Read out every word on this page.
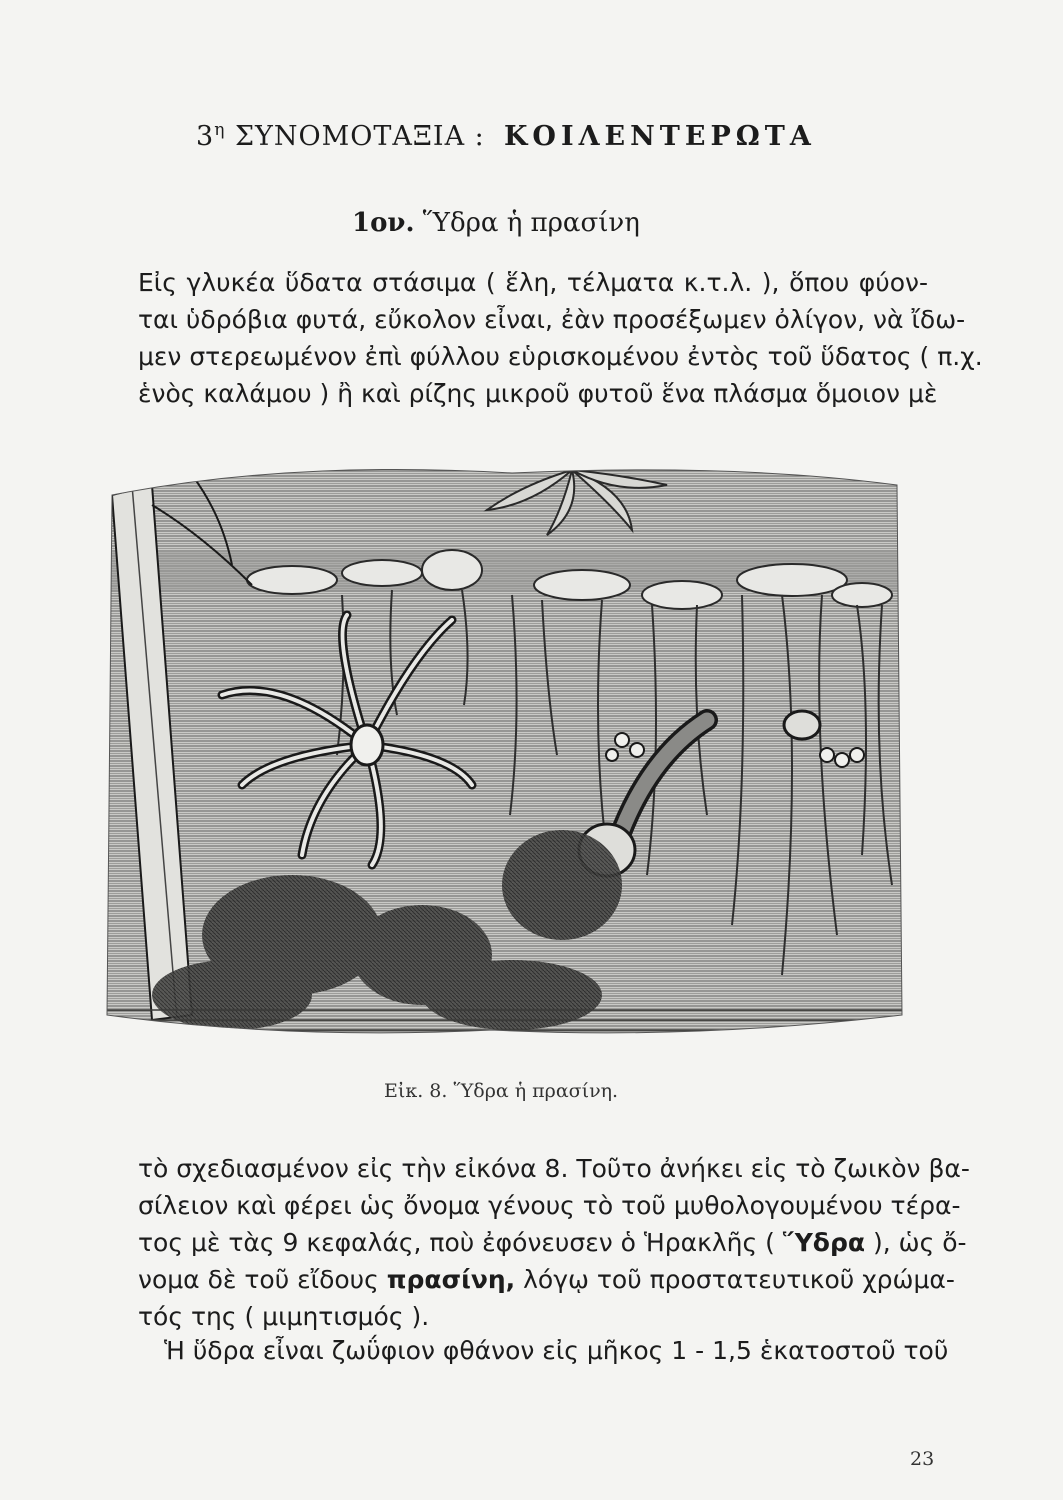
$3^\eta$ ΣΥΝΟΜΟΤΑΞΙΑ : ΚΟΙΛΕΝΤΕΡΩΤΑ
1ον. Ὕδρα ἡ πρασίνη

Εἰς γλυκέα ὕδατα στάσιμα ( ἕλη, τέλματα κ.τ.λ. ), ὅπου φύον-
ται ὑδρόβια φυτά, εὔκολον εἶναι, ἐὰν προσέξωμεν ὀλίγον, νὰ ἴδω-
μεν στερεωμένον ἐπὶ φύλλου εὑρισκομένου ἐντὸς τοῦ ὕδατος ( π.χ.
ἑνὸς καλάμου ) ἢ καὶ ρίζης μικροῦ φυτοῦ ἕνα πλάσμα ὅμοιον μὲ

Εἰκ. 8. Ὕδρα ἡ πρασίνη.

τὸ σχεδιασμένον εἰς τὴν εἰκόνα 8. Τοῦτο ἀνήκει εἰς τὸ ζωικὸν βα-
σίλειον καὶ φέρει ὡς ὄνομα γένους τὸ τοῦ μυθολογουμένου τέρα-
τος μὲ τὰς 9 κεφαλάς, ποὺ ἐφόνευσεν ὁ Ἡρακλῆς ( Ὕδρα ), ὡς ὄ-
νομα δὲ τοῦ εἴδους πρασίνη, λόγῳ τοῦ προστατευτικοῦ χρώμα-
τός της ( μιμητισμός ).

Ἡ ὕδρα εἶναι ζωΰφιον φθάνον εἰς μῆκος 1 - 1,5 ἑκατοστοῦ τοῦ

23
